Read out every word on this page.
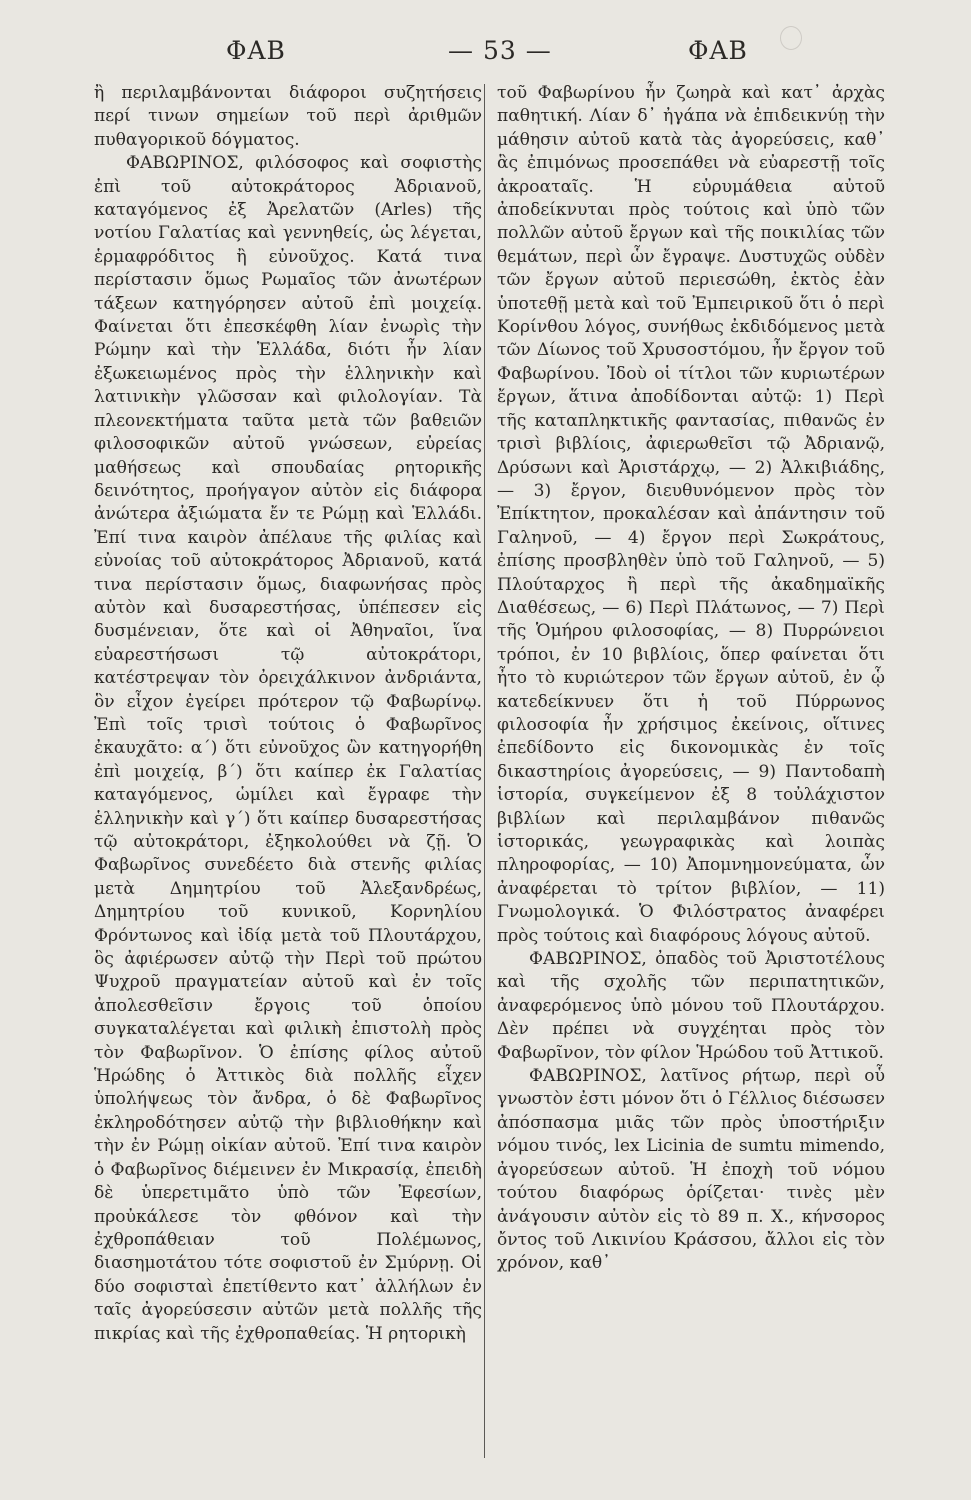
ΦΑΒ	— 53 —	ΦΑΒ

ἢ περιλαμβάνονται διάφοροι συζητήσεις περί τινων σημείων τοῦ περὶ ἀριθμῶν πυθαγορικοῦ δόγματος.

ΦΑΒΩΡΙΝΟΣ, φιλόσοφος καὶ σοφιστὴς ἐπὶ τοῦ αὐτοκράτορος Ἀδριανοῦ, καταγόμενος ἐξ Ἀρελατῶν (Arles) τῆς νοτίου Γαλατίας καὶ γεννηθείς, ὡς λέγεται, ἑρμαφρόδιτος ἢ εὐνοῦχος. Κατά τινα περίστασιν ὅμως Ρωμαῖος τῶν ἀνωτέρων τάξεων κατηγόρησεν αὐτοῦ ἐπὶ μοιχείᾳ. Φαίνεται ὅτι ἐπεσκέφθη λίαν ἐνωρὶς τὴν Ρώμην καὶ τὴν Ἑλλάδα, διότι ἦν λίαν ἐξωκειωμένος πρὸς τὴν ἑλληνικὴν καὶ λατινικὴν γλῶσσαν καὶ φιλολογίαν. Τὰ πλεονεκτήματα ταῦτα μετὰ τῶν βαθειῶν φιλοσοφικῶν αὐτοῦ γνώσεων, εὐρείας μαθήσεως καὶ σπουδαίας ρητορικῆς δεινότητος, προήγαγον αὐτὸν εἰς διάφορα ἀνώτερα ἀξιώματα ἔν τε Ρώμῃ καὶ Ἑλλάδι. Ἐπί τινα καιρὸν ἀπέλαυε τῆς φιλίας καὶ εὐνοίας τοῦ αὐτοκράτορος Ἀδριανοῦ, κατά τινα περίστασιν ὅμως, διαφωνήσας πρὸς αὐτὸν καὶ δυσαρεστήσας, ὑπέπεσεν εἰς δυσμένειαν, ὅτε καὶ οἱ Ἀθηναῖοι, ἵνα εὐαρεστήσωσι τῷ αὐτοκράτορι, κατέστρεψαν τὸν ὀρειχάλκινον ἀνδριάντα, ὃν εἶχον ἐγείρει πρότερον τῷ Φαβωρίνῳ. Ἐπὶ τοῖς τρισὶ τούτοις ὁ Φαβωρῖνος ἐκαυχᾶτο: α΄) ὅτι εὐνοῦχος ὢν κατηγορήθη ἐπὶ μοιχείᾳ, β΄) ὅτι καίπερ ἐκ Γαλατίας καταγόμενος, ὡμίλει καὶ ἔγραφε τὴν ἑλληνικὴν καὶ γ΄) ὅτι καίπερ δυσαρεστήσας τῷ αὐτοκράτορι, ἐξηκολούθει νὰ ζῇ. Ὁ Φαβωρῖνος συνεδέετο διὰ στενῆς φιλίας μετὰ Δημητρίου τοῦ Ἀλεξανδρέως, Δημητρίου τοῦ κυνικοῦ, Κορνηλίου Φρόντωνος καὶ ἰδίᾳ μετὰ τοῦ Πλουτάρχου, ὃς ἀφιέρωσεν αὐτῷ τὴν Περὶ τοῦ πρώτου Ψυχροῦ πραγματείαν αὐτοῦ καὶ ἐν τοῖς ἀπολεσθεῖσιν ἔργοις τοῦ ὁποίου συγκαταλέγεται καὶ φιλικὴ ἐπιστολὴ πρὸς τὸν Φαβωρῖνον. Ὁ ἐπίσης φίλος αὐτοῦ Ἡρώδης ὁ Ἀττικὸς διὰ πολλῆς εἶχεν ὑπολήψεως τὸν ἄνδρα, ὁ δὲ Φαβωρῖνος ἐκληροδότησεν αὐτῷ τὴν βιβλιοθήκην καὶ τὴν ἐν Ρώμῃ οἰκίαν αὐτοῦ. Ἐπί τινα καιρὸν ὁ Φαβωρῖνος διέμεινεν ἐν Μικρασίᾳ, ἐπειδὴ δὲ ὑπερετιμᾶτο ὑπὸ τῶν Ἐφεσίων, προὐκάλεσε τὸν φθόνον καὶ τὴν ἐχθροπάθειαν τοῦ Πολέμωνος, διασημοτάτου τότε σοφιστοῦ ἐν Σμύρνῃ. Οἱ δύο σοφισταὶ ἐπετίθεντο κατ᾽ ἀλλήλων ἐν ταῖς ἀγορεύσεσιν αὐτῶν μετὰ πολλῆς τῆς πικρίας καὶ τῆς ἐχθροπαθείας. Ἡ ρητορικὴ

τοῦ Φαβωρίνου ἦν ζωηρὰ καὶ κατ᾽ ἀρχὰς παθητική. Λίαν δ᾽ ἠγάπα νὰ ἐπιδεικνύῃ τὴν μάθησιν αὐτοῦ κατὰ τὰς ἀγορεύσεις, καθ᾽ ἃς ἐπιμόνως προσεπάθει νὰ εὐαρεστῇ τοῖς ἀκροαταῖς. Ἡ εὐρυμάθεια αὐτοῦ ἀποδείκνυται πρὸς τούτοις καὶ ὑπὸ τῶν πολλῶν αὐτοῦ ἔργων καὶ τῆς ποικιλίας τῶν θεμάτων, περὶ ὧν ἔγραψε. Δυστυχῶς οὐδὲν τῶν ἔργων αὐτοῦ περιεσώθη, ἐκτὸς ἐὰν ὑποτεθῇ μετὰ καὶ τοῦ Ἐμπειρικοῦ ὅτι ὁ περὶ Κορίνθου λόγος, συνήθως ἐκδιδόμενος μετὰ τῶν Δίωνος τοῦ Χρυσοστόμου, ἦν ἔργον τοῦ Φαβωρίνου. Ἰδοὺ οἱ τίτλοι τῶν κυριωτέρων ἔργων, ἅτινα ἀποδίδονται αὐτῷ: 1) Περὶ τῆς καταπληκτικῆς φαντασίας, πιθανῶς ἐν τρισὶ βιβλίοις, ἀφιερωθεῖσι τῷ Ἀδριανῷ, Δρύσωνι καὶ Ἀριστάρχῳ, — 2) Ἀλκιβιάδης, — 3) ἔργον, διευθυνόμενον πρὸς τὸν Ἐπίκτητον, προκαλέσαν καὶ ἀπάντησιν τοῦ Γαληνοῦ, — 4) ἔργον περὶ Σωκράτους, ἐπίσης προσβληθὲν ὑπὸ τοῦ Γαληνοῦ, — 5) Πλούταρχος ἢ περὶ τῆς ἀκαδημαϊκῆς Διαθέσεως, — 6) Περὶ Πλάτωνος, — 7) Περὶ τῆς Ὁμήρου φιλοσοφίας, — 8) Πυρρώνειοι τρόποι, ἐν 10 βιβλίοις, ὅπερ φαίνεται ὅτι ἦτο τὸ κυριώτερον τῶν ἔργων αὐτοῦ, ἐν ᾧ κατεδείκνυεν ὅτι ἡ τοῦ Πύρρωνος φιλοσοφία ἦν χρήσιμος ἐκείνοις, οἵτινες ἐπεδίδοντο εἰς δικονομικὰς ἐν τοῖς δικαστηρίοις ἀγορεύσεις, — 9) Παντοδαπὴ ἱστορία, συγκείμενον ἐξ 8 τοὐλάχιστον βιβλίων καὶ περιλαμβάνον πιθανῶς ἱστορικάς, γεωγραφικὰς καὶ λοιπὰς πληροφορίας, — 10) Ἀπομνημονεύματα, ὧν ἀναφέρεται τὸ τρίτον βιβλίον, — 11) Γνωμολογικά. Ὁ Φιλόστρατος ἀναφέρει πρὸς τούτοις καὶ διαφόρους λόγους αὐτοῦ.

ΦΑΒΩΡΙΝΟΣ, ὀπαδὸς τοῦ Ἀριστοτέλους καὶ τῆς σχολῆς τῶν περιπατητικῶν, ἀναφερόμενος ὑπὸ μόνου τοῦ Πλουτάρχου. Δὲν πρέπει νὰ συγχέηται πρὸς τὸν Φαβωρῖνον, τὸν φίλον Ἡρώδου τοῦ Ἀττικοῦ.

ΦΑΒΩΡΙΝΟΣ, λατῖνος ρήτωρ, περὶ οὗ γνωστὸν ἐστι μόνον ὅτι ὁ Γέλλιος διέσωσεν ἀπόσπασμα μιᾶς τῶν πρὸς ὑποστήριξιν νόμου τινός, lex Licinia de sumtu mimendo, ἀγορεύσεων αὐτοῦ. Ἡ ἐποχὴ τοῦ νόμου τούτου διαφόρως ὁρίζεται· τινὲς μὲν ἀνάγουσιν αὐτὸν εἰς τὸ 89 π. Χ., κήνσορος ὄντος τοῦ Λικινίου Κράσσου, ἄλλοι εἰς τὸν χρόνον, καθ᾽
